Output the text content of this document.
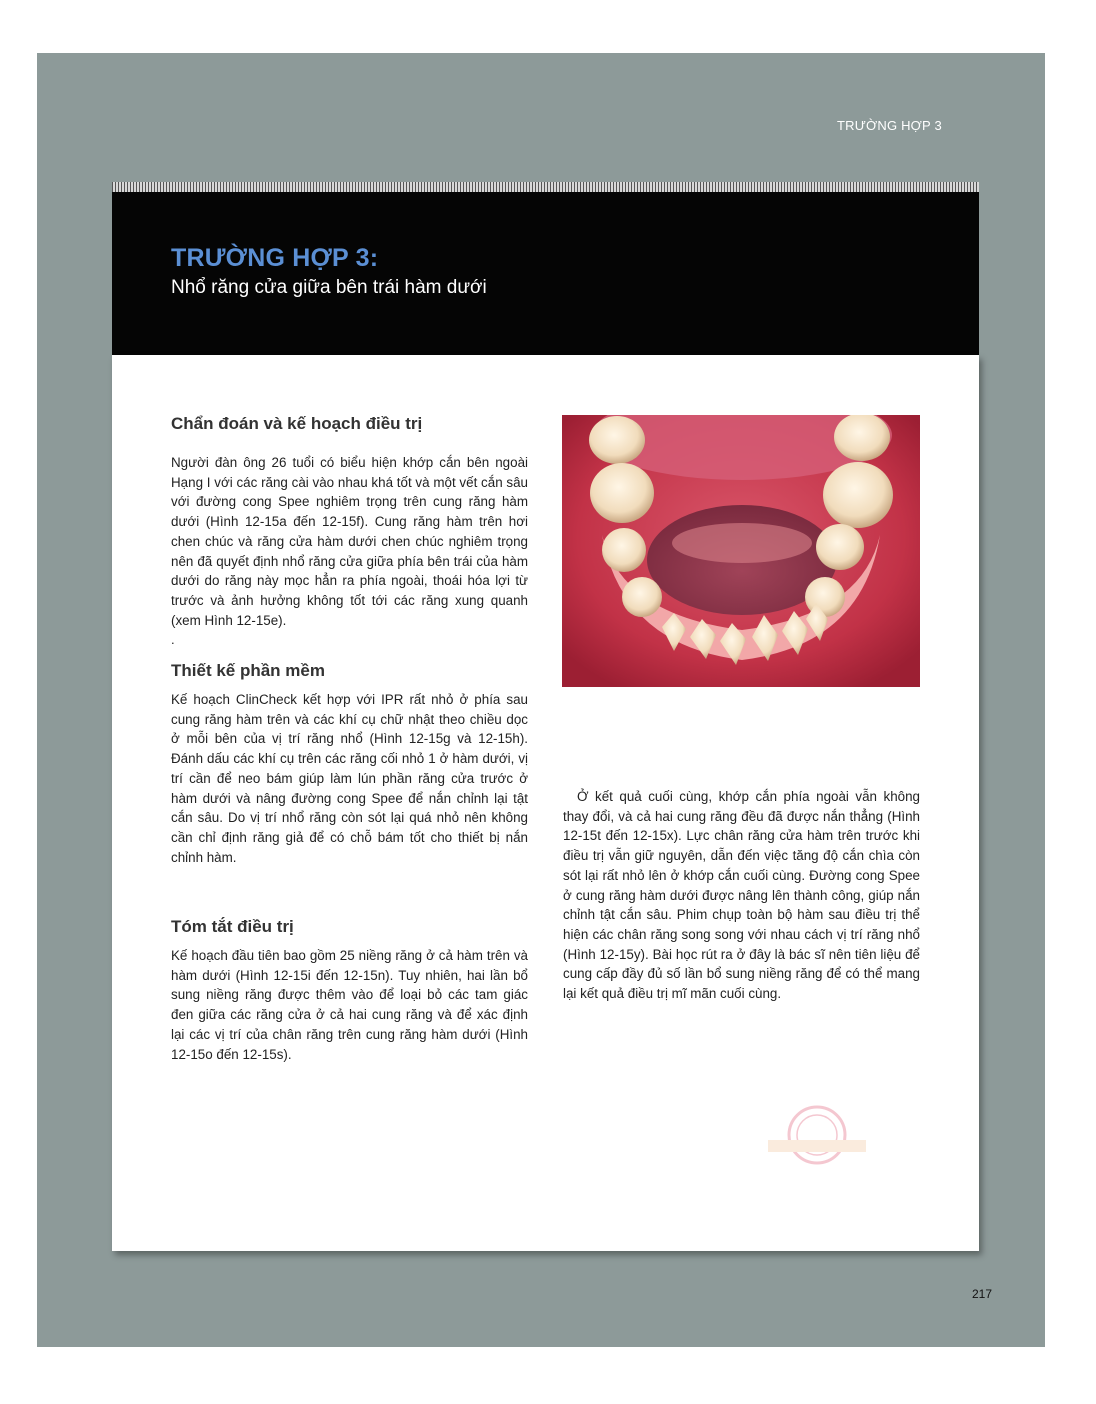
TRƯỜNG HỢP 3
TRƯỜNG HỢP 3:
Nhổ răng cửa giữa bên trái hàm dưới
Chẩn đoán và kế hoạch điều trị

Người đàn ông 26 tuổi có biểu hiện khớp cắn bên ngoài Hạng I với các răng cài vào nhau khá tốt và một vết cắn sâu với đường cong Spee nghiêm trọng trên cung răng hàm dưới (Hình 12-15a đến 12-15f). Cung răng hàm trên hơi chen chúc và răng cửa hàm dưới chen chúc nghiêm trọng nên đã quyết định nhổ răng cửa giữa phía bên trái của hàm dưới do răng này mọc hẳn ra phía ngoài, thoái hóa lợi từ trước và ảnh hưởng không tốt tới các răng xung quanh (xem Hình 12-15e).

.
Thiết kế phần mềm

Kế hoạch ClinCheck kết hợp với IPR rất nhỏ ở phía sau cung răng hàm trên và các khí cụ chữ nhật theo chiều dọc ở mỗi bên của vị trí răng nhổ (Hình 12-15g và 12-15h). Đánh dấu các khí cụ trên các răng cối nhỏ 1 ở hàm dưới, vị trí cần để neo bám giúp làm lún phần răng cửa trước ở hàm dưới và nâng đường cong Spee để nắn chỉnh lại tật cắn sâu. Do vị trí nhổ răng còn sót lại quá nhỏ nên không cần chỉ định răng giả để có chỗ bám tốt cho thiết bị nắn chỉnh hàm.

Tóm tắt điều trị

Kế hoạch đầu tiên bao gồm 25 niềng răng ở cả hàm trên và hàm dưới (Hình 12-15i đến 12-15n). Tuy nhiên, hai lần bổ sung niềng răng được thêm vào để loại bỏ các tam giác đen giữa các răng cửa ở cả hai cung răng và để xác định lại các vị trí của chân răng trên cung răng hàm dưới (Hình 12-15o đến 12-15s).

Ở kết quả cuối cùng, khớp cắn phía ngoài vẫn không thay đổi, và cả hai cung răng đều đã được nắn thẳng (Hình 12-15t đến 12-15x). Lực chân răng cửa hàm trên trước khi điều trị vẫn giữ nguyên, dẫn đến việc tăng độ cắn chìa còn sót lại rất nhỏ lên ở khớp cắn cuối cùng. Đường cong Spee ở cung răng hàm dưới được nâng lên thành công, giúp nắn chỉnh tật cắn sâu. Phim chụp toàn bộ hàm sau điều trị thể hiện các chân răng song song với nhau cách vị trí răng nhổ (Hình 12-15y). Bài học rút ra ở đây là bác sĩ nên tiên liệu để cung cấp đầy đủ số lần bổ sung niềng răng để có thể mang lại kết quả điều trị mĩ mãn cuối cùng.

217
